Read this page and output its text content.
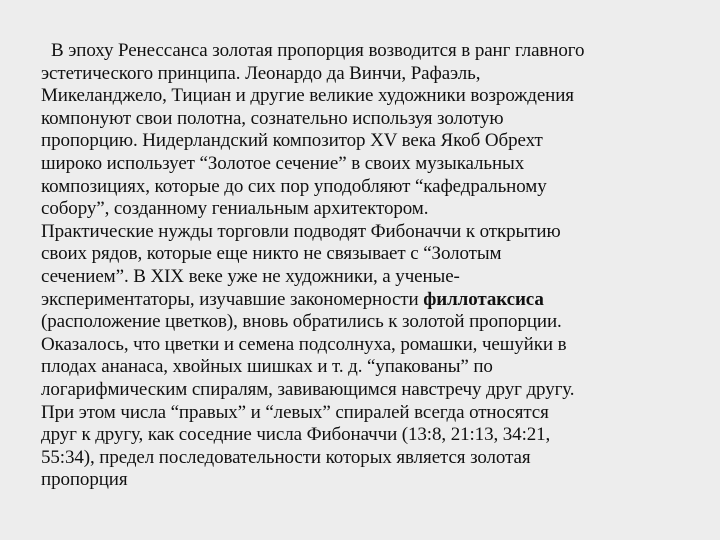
В эпоху Ренессанса золотая пропорция возводится в ранг главного
эстетического принципа. Леонардо да Винчи, Рафаэль,
Микеланджело, Тициан и другие великие художники возрождения
компонуют свои полотна, сознательно используя золотую
пропорцию. Нидерландский композитор XV века Якоб Обрехт
широко использует “Золотое сечение” в своих музыкальных
композициях, которые до сих пор уподобляют “кафедральному
собору”, созданному гениальным архитектором.
Практические нужды торговли подводят Фибоначчи к открытию
своих рядов, которые еще никто не связывает с “Золотым
сечением”. В XIX веке уже не художники, а ученые-
экспериментаторы, изучавшие закономерности филлотаксиса
(расположение цветков), вновь обратились к золотой пропорции.
Оказалось, что цветки и семена подсолнуха, ромашки, чешуйки в
плодах ананаса, хвойных шишках и т. д. “упакованы” по
логарифмическим спиралям, завивающимся навстречу друг другу.
При этом числа “правых” и “левых” спиралей всегда относятся
друг к другу, как соседние числа Фибоначчи (13:8, 21:13, 34:21,
55:34), предел последовательности которых является золотая
пропорция
